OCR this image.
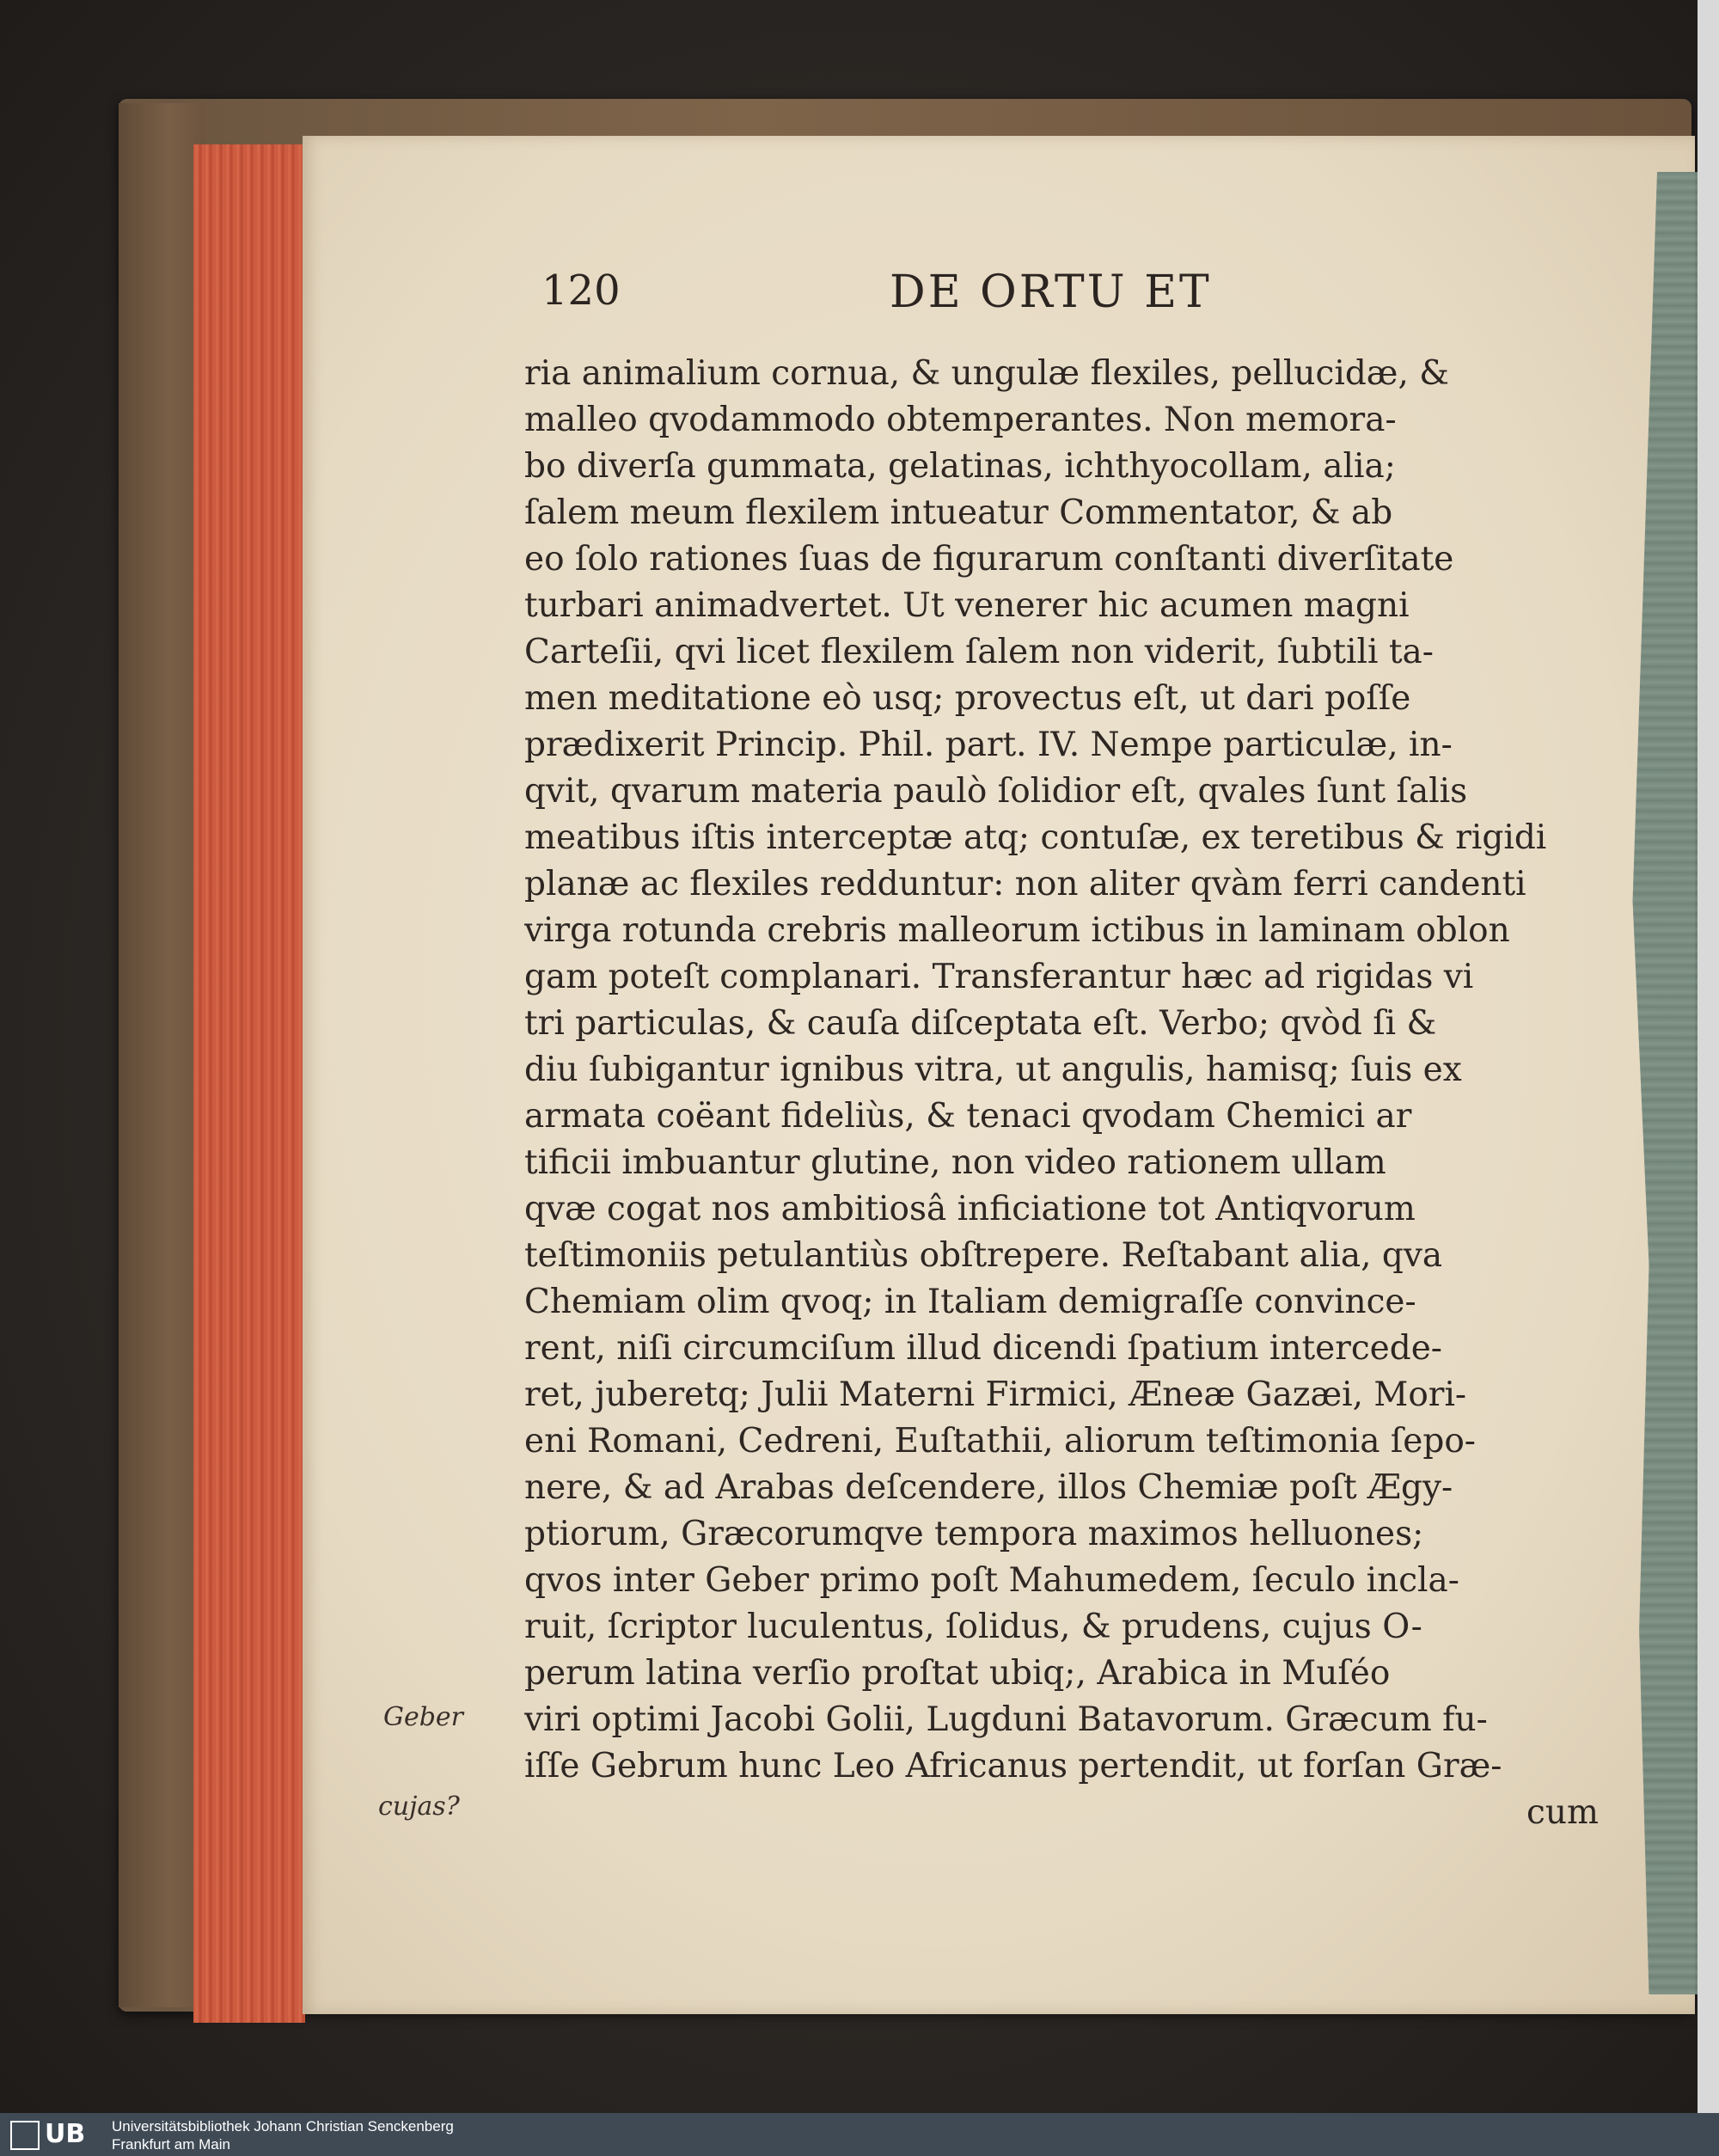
120	DE ORTU ET
ria animalium cornua, & ungulæ flexiles, pellucidæ, &
malleo qvodammodo obtemperantes. Non memora-
bo diverſa gummata, gelatinas, ichthyocollam, alia;
ſalem meum flexilem intueatur Commentator, & ab
eo ſolo rationes ſuas de figurarum conſtanti diverſitate
turbari animadvertet. Ut venerer hic acumen magni
Carteſii, qvi licet flexilem ſalem non viderit, ſubtili ta-
men meditatione eò usq; provectus eſt, ut dari poſſe
prædixerit Princip. Phil. part. IV. Nempe particulæ, in-
qvit, qvarum materia paulò ſolidior eſt, qvales ſunt ſalis
meatibus iſtis interceptæ atq; contuſæ, ex teretibus & rigidi
planæ ac flexiles redduntur: non aliter qvàm ferri candenti
virga rotunda crebris malleorum ictibus in laminam oblon
gam poteſt complanari. Transferantur hæc ad rigidas vi
tri particulas, & cauſa diſceptata eſt. Verbo; qvòd ſi &
diu ſubigantur ignibus vitra, ut angulis, hamisq; ſuis ex
armata coëant fideliùs, & tenaci qvodam Chemici ar
tificii imbuantur glutine, non video rationem ullam
qvæ cogat nos ambitiosâ inficiatione tot Antiqvorum
teſtimoniis petulantiùs obſtrepere. Reſtabant alia, qva
Chemiam olim qvoq; in Italiam demigraſſe convince-
rent, niſi circumciſum illud dicendi ſpatium intercede-
ret, juberetq; Julii Materni Firmici, Æneæ Gazæi, Mori-
eni Romani, Cedreni, Euſtathii, aliorum teſtimonia ſepo-
nere, & ad Arabas deſcendere, illos Chemiæ poſt Ægy-
ptiorum, Græcorumqve tempora maximos helluones;
qvos inter Geber primo poſt Mahumedem, ſeculo incla-
ruit, ſcriptor luculentus, ſolidus, & prudens, cujus O-
perum latina verſio proſtat ubiq;, Arabica in Muſéo
viri optimi Jacobi Golii, Lugduni Batavorum. Græcum fu-
iſſe Gebrum hunc Leo Africanus pertendit, ut forſan Græ-
cum
Geber
cujas?
UB	Universitätsbibliothek Johann Christian Senckenberg
Frankfurt am Main
